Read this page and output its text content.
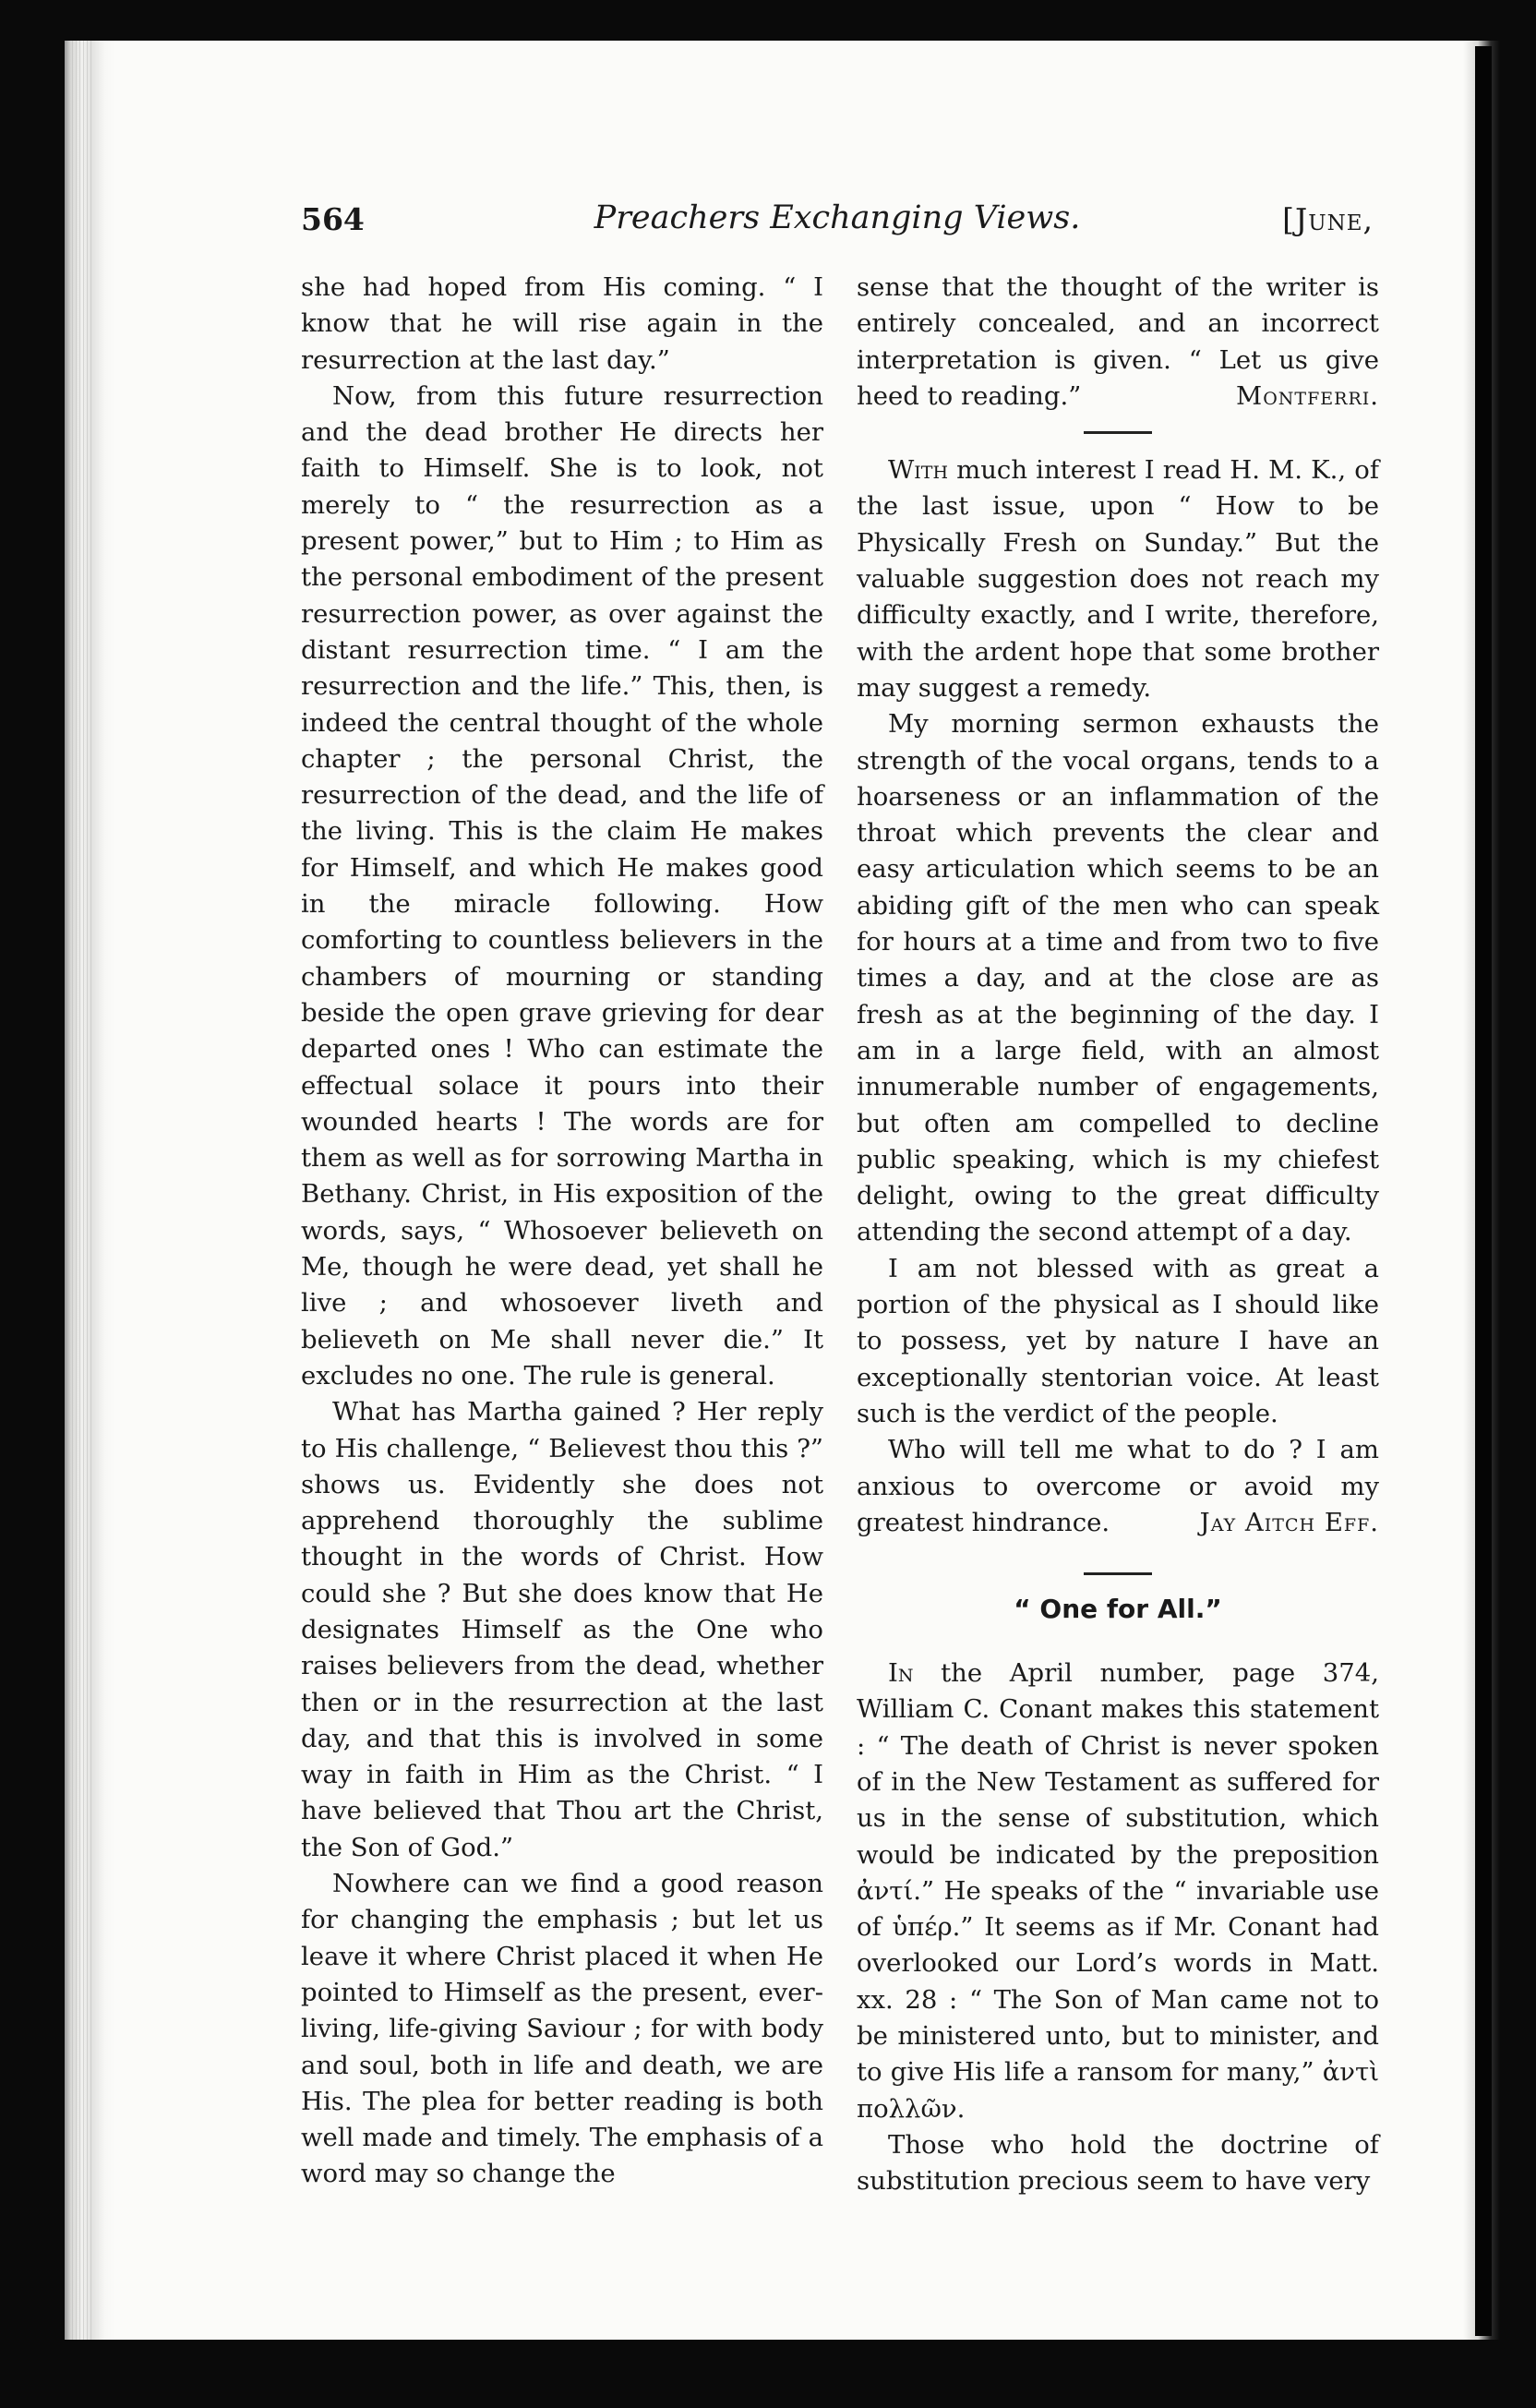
564	Preachers Exchanging Views.	[June,

she had hoped from His coming. “ I know that he will rise again in the resurrection at the last day.”

Now, from this future resurrection and the dead brother He directs her faith to Himself. She is to look, not merely to “ the resurrection as a present power,” but to Him ; to Him as the personal embodiment of the present resurrection power, as over against the distant resurrection time. “ I am the resurrection and the life.” This, then, is indeed the central thought of the whole chapter ; the personal Christ, the resurrection of the dead, and the life of the living. This is the claim He makes for Himself, and which He makes good in the miracle following. How comforting to countless believers in the chambers of mourning or standing beside the open grave grieving for dear departed ones ! Who can estimate the effectual solace it pours into their wounded hearts ! The words are for them as well as for sorrowing Martha in Bethany. Christ, in His exposition of the words, says, “ Whosoever believeth on Me, though he were dead, yet shall he live ; and whosoever liveth and believeth on Me shall never die.” It excludes no one. The rule is general.

What has Martha gained ? Her reply to His challenge, “ Believest thou this ?” shows us. Evidently she does not apprehend thoroughly the sublime thought in the words of Christ. How could she ? But she does know that He designates Himself as the One who raises believers from the dead, whether then or in the resurrection at the last day, and that this is involved in some way in faith in Him as the Christ. “ I have believed that Thou art the Christ, the Son of God.”

Nowhere can we find a good reason for changing the emphasis ; but let us leave it where Christ placed it when He pointed to Himself as the present, ever-living, life-giving Saviour ; for with body and soul, both in life and death, we are His. The plea for better reading is both well made and timely. The emphasis of a word may so change the

sense that the thought of the writer is entirely concealed, and an incorrect interpretation is given. “ Let us give heed to reading.”	Montferri.

With much interest I read H. M. K., of the last issue, upon “ How to be Physically Fresh on Sunday.” But the valuable suggestion does not reach my difficulty exactly, and I write, therefore, with the ardent hope that some brother may suggest a remedy.

My morning sermon exhausts the strength of the vocal organs, tends to a hoarseness or an inflammation of the throat which prevents the clear and easy articulation which seems to be an abiding gift of the men who can speak for hours at a time and from two to five times a day, and at the close are as fresh as at the beginning of the day. I am in a large field, with an almost innumerable number of engagements, but often am compelled to decline public speaking, which is my chiefest delight, owing to the great difficulty attending the second attempt of a day.

I am not blessed with as great a portion of the physical as I should like to possess, yet by nature I have an exceptionally stentorian voice. At least such is the verdict of the people.

Who will tell me what to do ? I am anxious to overcome or avoid my greatest hindrance.	Jay Aitch Eff.

“ One for All.”

In the April number, page 374, William C. Conant makes this statement : “ The death of Christ is never spoken of in the New Testament as suffered for us in the sense of substitution, which would be indicated by the preposition ἀντί.” He speaks of the “ invariable use of ὑπέρ.” It seems as if Mr. Conant had overlooked our Lord’s words in Matt. xx. 28 : “ The Son of Man came not to be ministered unto, but to minister, and to give His life a ransom for many,” ἀντὶ πολλῶν.

Those who hold the doctrine of substitution precious seem to have very
